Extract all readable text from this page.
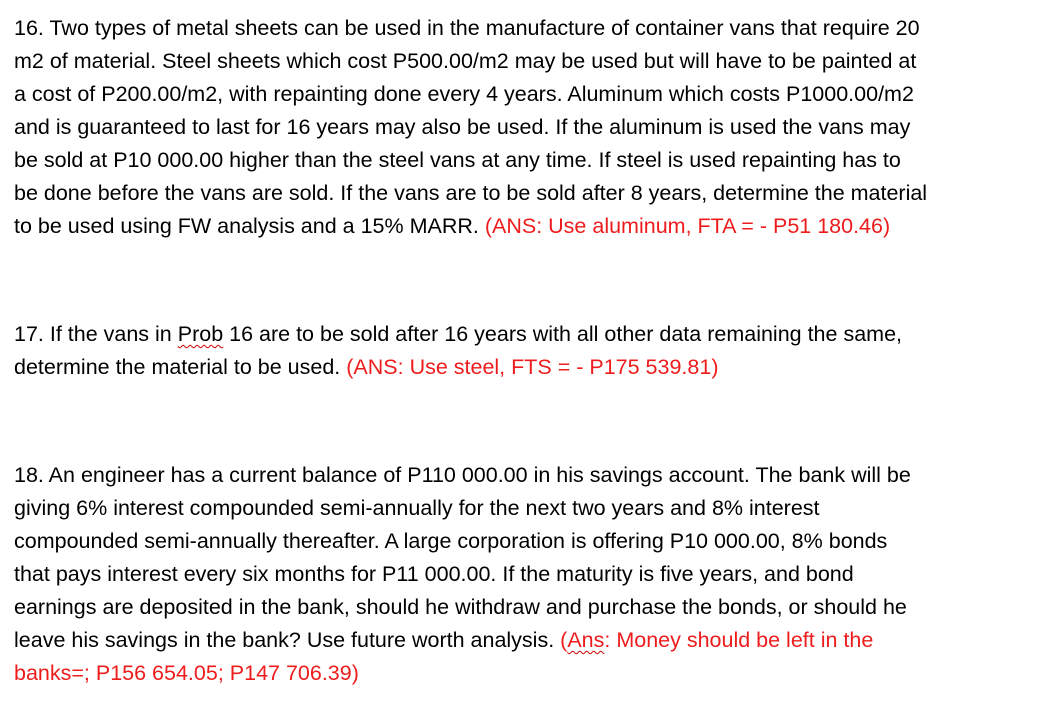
16. Two types of metal sheets can be used in the manufacture of container vans that require 20
m2 of material. Steel sheets which cost P500.00/m2 may be used but will have to be painted at
a cost of P200.00/m2, with repainting done every 4 years. Aluminum which costs P1000.00/m2
and is guaranteed to last for 16 years may also be used. If the aluminum is used the vans may
be sold at P10 000.00 higher than the steel vans at any time. If steel is used repainting has to
be done before the vans are sold. If the vans are to be sold after 8 years, determine the material
to be used using FW analysis and a 15% MARR. (ANS: Use aluminum, FTA = - P51 180.46)
17. If the vans in Prob 16 are to be sold after 16 years with all other data remaining the same,
determine the material to be used. (ANS: Use steel, FTS = - P175 539.81)
18. An engineer has a current balance of P110 000.00 in his savings account. The bank will be
giving 6% interest compounded semi-annually for the next two years and 8% interest
compounded semi-annually thereafter. A large corporation is offering P10 000.00, 8% bonds
that pays interest every six months for P11 000.00. If the maturity is five years, and bond
earnings are deposited in the bank, should he withdraw and purchase the bonds, or should he
leave his savings in the bank? Use future worth analysis. (Ans: Money should be left in the
banks=; P156 654.05; P147 706.39)
